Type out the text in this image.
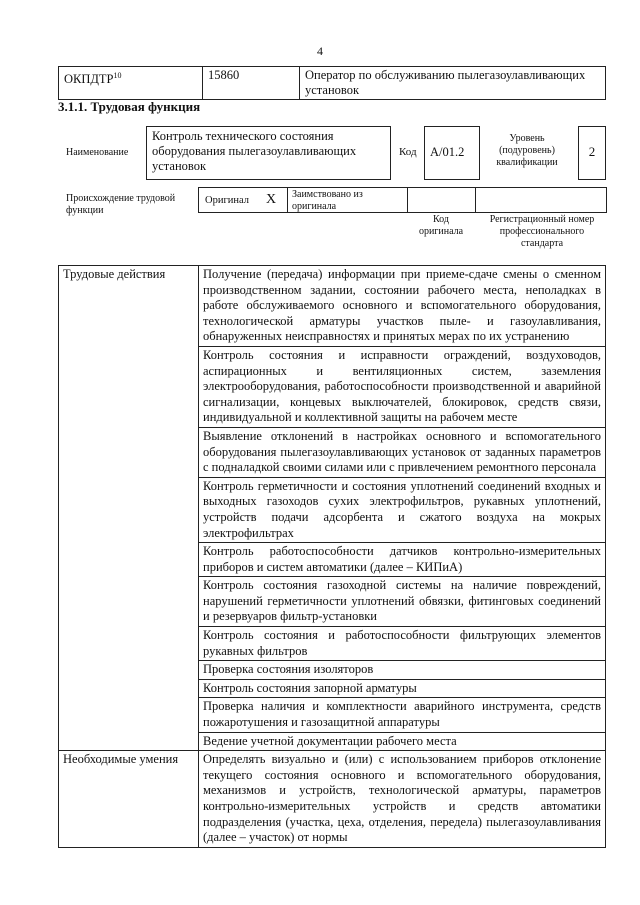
4
ОКПДТР$^{10}$	15860	Оператор по обслуживанию пылегазоулавливающих установок
3.1.1. Трудовая функция
Наименование
Контроль технического состояния оборудования пылегазоулавливающих установок
Код	А/01.2
Уровень (подуровень) квалификации
2
Происхождение трудовой функции
Оригинал X Заимствовано из оригинала
Код оригинала
Регистрационный номер профессионального стандарта
Трудовые действия	Получение (передача) информации при приеме-сдаче смены о сменном производственном задании, состоянии рабочего места, неполадках в работе обслуживаемого основного и вспомогательного оборудования, технологической арматуры участков пыле- и газоулавливания, обнаруженных неисправностях и принятых мерах по их устранению
	Контроль состояния и исправности ограждений, воздуховодов, аспирационных и вентиляционных систем, заземления электрооборудования, работоспособности производственной и аварийной сигнализации, концевых выключателей, блокировок, средств связи, индивидуальной и коллективной защиты на рабочем месте
	Выявление отклонений в настройках основного и вспомогательного оборудования пылегазоулавливающих установок от заданных параметров с подналадкой своими силами или с привлечением ремонтного персонала
	Контроль герметичности и состояния уплотнений соединений входных и выходных газоходов сухих электрофильтров, рукавных уплотнений, устройств подачи адсорбента и сжатого воздуха на мокрых электрофильтрах
	Контроль работоспособности датчиков контрольно-измерительных приборов и систем автоматики (далее – КИПиА)
	Контроль состояния газоходной системы на наличие повреждений, нарушений герметичности уплотнений обвязки, фитинговых соединений и резервуаров фильтр-установки
	Контроль состояния и работоспособности фильтрующих элементов рукавных фильтров
	Проверка состояния изоляторов
	Контроль состояния запорной арматуры
	Проверка наличия и комплектности аварийного инструмента, средств пожаротушения и газозащитной аппаратуры
	Ведение учетной документации рабочего места
Необходимые умения	Определять визуально и (или) с использованием приборов отклонение текущего состояния основного и вспомогательного оборудования, механизмов и устройств, технологической арматуры, параметров контрольно-измерительных устройств и средств автоматики подразделения (участка, цеха, отделения, передела) пылегазоулавливания (далее – участок) от нормы
